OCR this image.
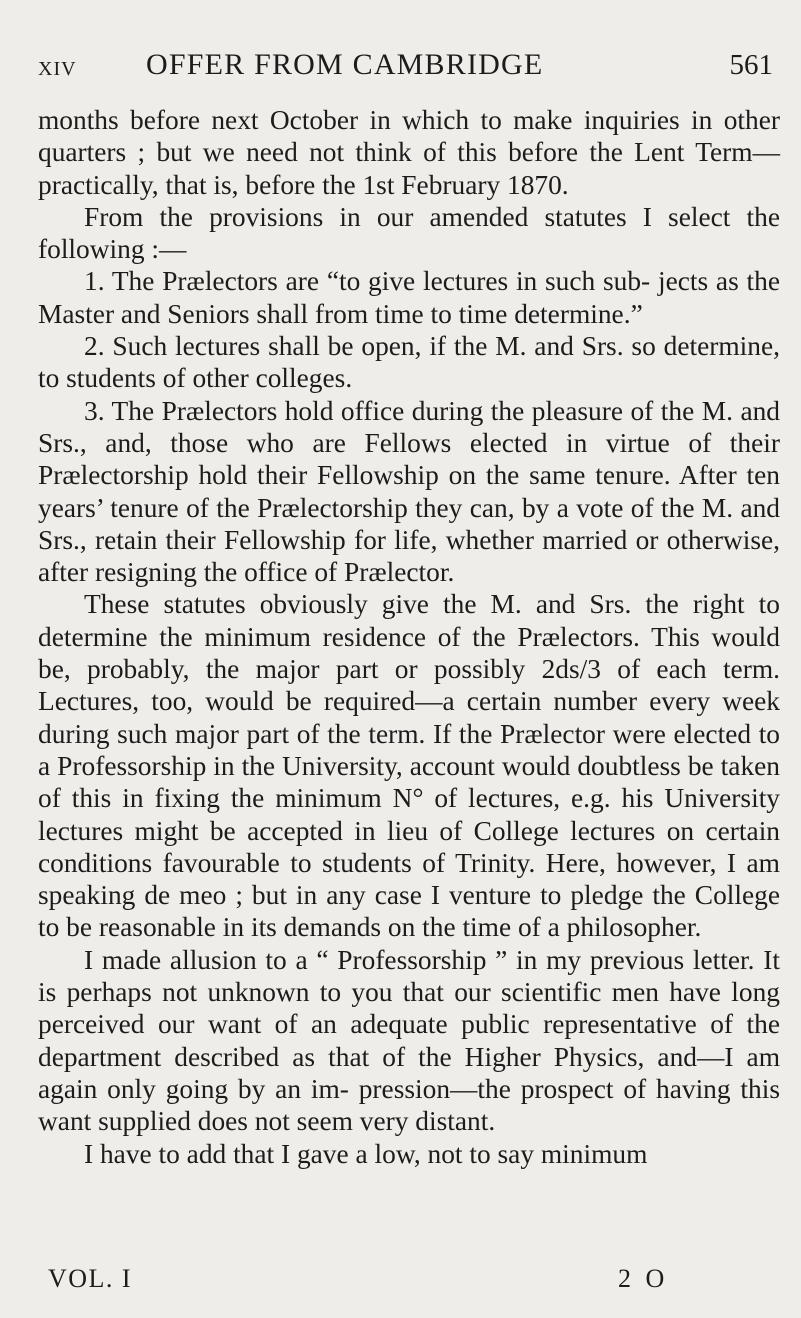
XIV OFFER FROM CAMBRIDGE	561

months before next October in which to make inquiries in other quarters ; but we need not think of this before the Lent Term—practically, that is, before the 1st February 1870.

From the provisions in our amended statutes I select the following :—

1. The Prælectors are “to give lectures in such sub- jects as the Master and Seniors shall from time to time determine.”

2. Such lectures shall be open, if the M. and Srs. so determine, to students of other colleges.

3. The Prælectors hold office during the pleasure of the M. and Srs., and, those who are Fellows elected in virtue of their Prælectorship hold their Fellowship on the same tenure. After ten years’ tenure of the Prælectorship they can, by a vote of the M. and Srs., retain their Fellowship for life, whether married or otherwise, after resigning the office of Prælector.

These statutes obviously give the M. and Srs. the right to determine the minimum residence of the Prælectors. This would be, probably, the major part or possibly 2ds/3 of each term. Lectures, too, would be required—a certain number every week during such major part of the term. If the Prælector were elected to a Professorship in the University, account would doubtless be taken of this in fixing the minimum N° of lectures, e.g. his University lectures might be accepted in lieu of College lectures on certain conditions favourable to students of Trinity. Here, however, I am speaking de meo ; but in any case I venture to pledge the College to be reasonable in its demands on the time of a philosopher.

I made allusion to a “ Professorship ” in my previous letter. It is perhaps not unknown to you that our scientific men have long perceived our want of an adequate public representative of the department described as that of the Higher Physics, and—I am again only going by an im- pression—the prospect of having this want supplied does not seem very distant.

I have to add that I gave a low, not to say minimum

VOL. I	2 O
